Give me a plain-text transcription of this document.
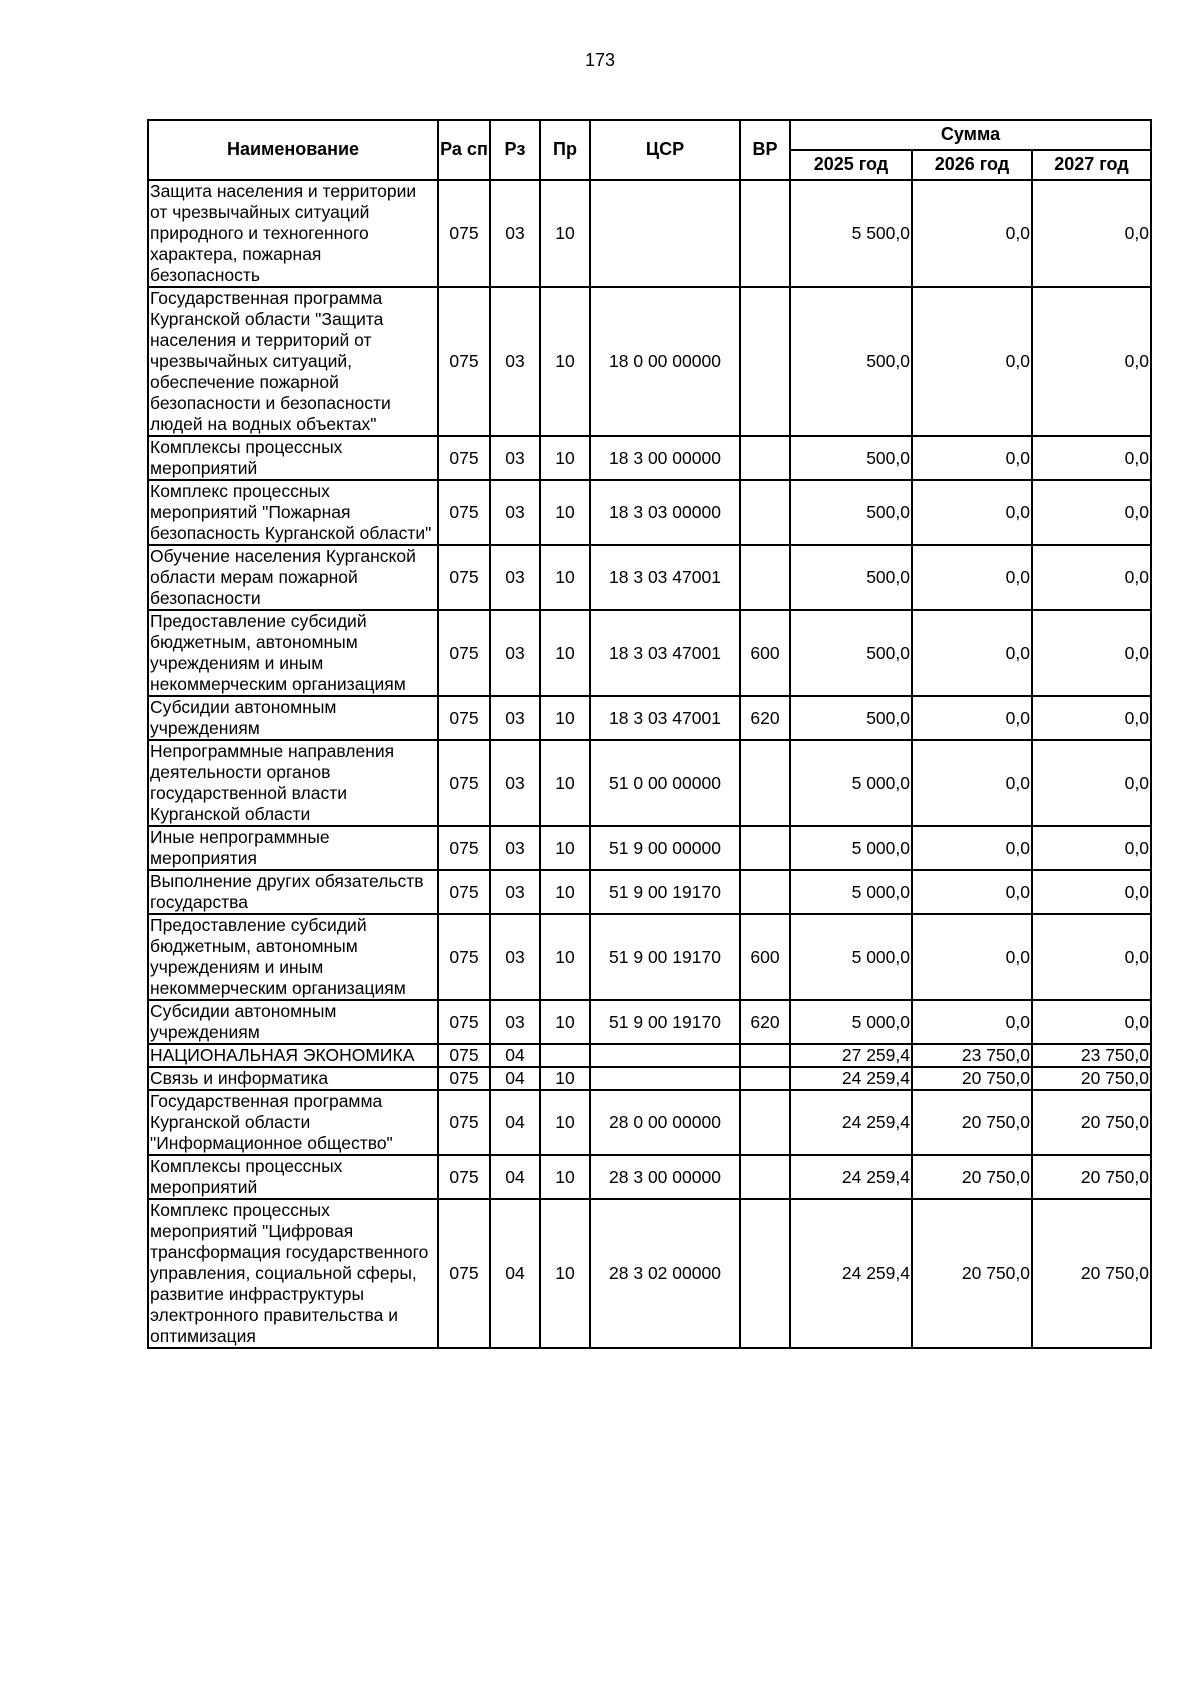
173
Наименование	Ра сп	Рз	Пр	ЦСР	ВР	Сумма		
						2025 год	2026 год	2027 год
Защита населения и территории от чрезвычайных ситуаций природного и техногенного характера, пожарная безопасность	075	03	10			5 500,0	0,0	0,0
Государственная программа Курганской области "Защита населения и территорий от чрезвычайных ситуаций, обеспечение пожарной безопасности и безопасности людей на водных объектах"	075	03	10	18 0 00 00000		500,0	0,0	0,0
Комплексы процессных мероприятий	075	03	10	18 3 00 00000		500,0	0,0	0,0
Комплекс процессных мероприятий "Пожарная безопасность Курганской области"	075	03	10	18 3 03 00000		500,0	0,0	0,0
Обучение населения Курганской области мерам пожарной безопасности	075	03	10	18 3 03 47001		500,0	0,0	0,0
Предоставление субсидий бюджетным, автономным учреждениям и иным некоммерческим организациям	075	03	10	18 3 03 47001	600	500,0	0,0	0,0
Субсидии автономным учреждениям	075	03	10	18 3 03 47001	620	500,0	0,0	0,0
Непрограммные направления деятельности органов государственной власти Курганской области	075	03	10	51 0 00 00000		5 000,0	0,0	0,0
Иные непрограммные мероприятия	075	03	10	51 9 00 00000		5 000,0	0,0	0,0
Выполнение других обязательств государства	075	03	10	51 9 00 19170		5 000,0	0,0	0,0
Предоставление субсидий бюджетным, автономным учреждениям и иным некоммерческим организациям	075	03	10	51 9 00 19170	600	5 000,0	0,0	0,0
Субсидии автономным учреждениям	075	03	10	51 9 00 19170	620	5 000,0	0,0	0,0
НАЦИОНАЛЬНАЯ ЭКОНОМИКА	075	04				27 259,4	23 750,0	23 750,0
Связь и информатика	075	04	10			24 259,4	20 750,0	20 750,0
Государственная программа Курганской области "Информационное общество"	075	04	10	28 0 00 00000		24 259,4	20 750,0	20 750,0
Комплексы процессных мероприятий	075	04	10	28 3 00 00000		24 259,4	20 750,0	20 750,0
Комплекс процессных мероприятий "Цифровая трансформация государственного управления, социальной сферы, развитие инфраструктуры электронного правительства и оптимизация	075	04	10	28 3 02 00000		24 259,4	20 750,0	20 750,0
